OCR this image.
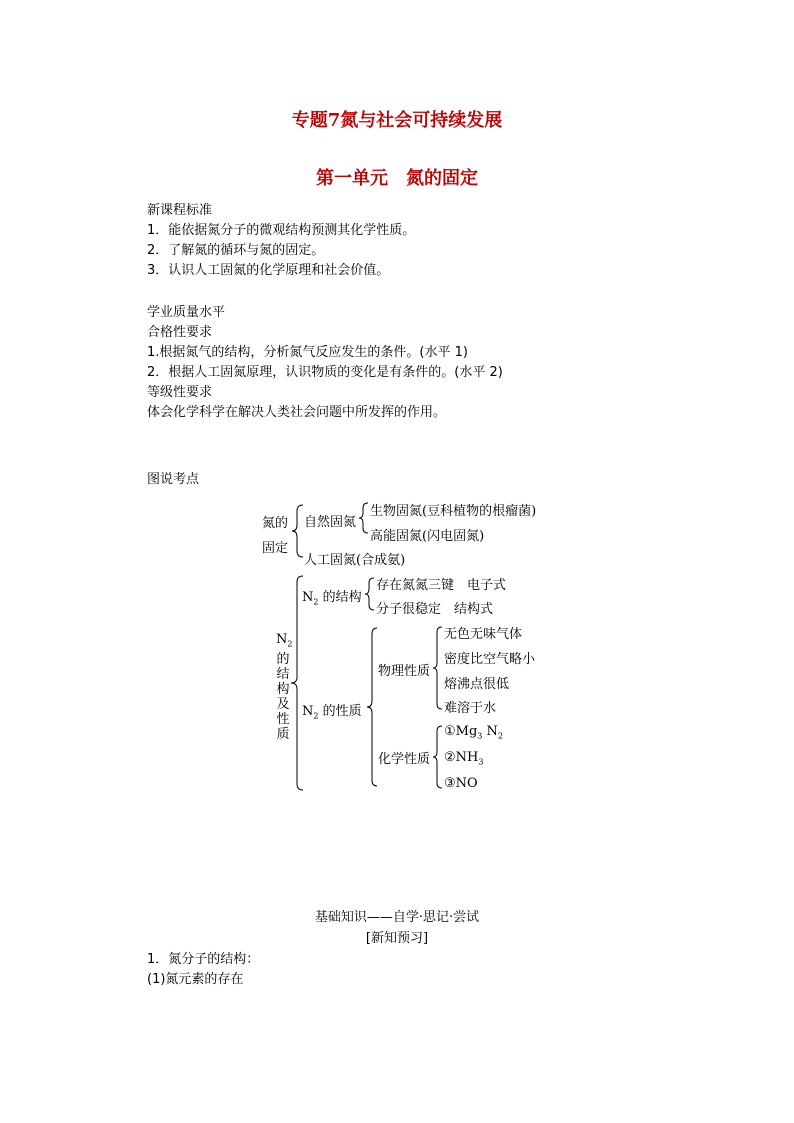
专题7氮与社会可持续发展
第一单元　氮的固定
新课程标准
1．能依据氮分子的微观结构预测其化学性质。
2．了解氮的循环与氮的固定。
3．认识人工固氮的化学原理和社会价值。
学业质量水平
合格性要求
1.根据氮气的结构，分析氮气反应发生的条件。(水平 1)
2．根据人工固氮原理，认识物质的变化是有条件的。(水平 2)
等级性要求
体会化学科学在解决人类社会问题中所发挥的作用。
图说考点
氮的
固定
自然固氮
生物固氮(豆科植物的根瘤菌)
高能固氮(闪电固氮)
人工固氮(合成氨)
$N_2$
的
结
构
及
性
质
$N_2$ 的结构
存在氮氮三键　电子式
分子很稳定　结构式
$N_2$ 的性质
物理性质
无色无味气体
密度比空气略小
熔沸点很低
难溶于水
化学性质
$①Mg_3$ $N_2$
$②NH_3$
③NO
基础知识——自学·思记·尝试
[新知预习]
1．氮分子的结构：
(1)氮元素的存在
